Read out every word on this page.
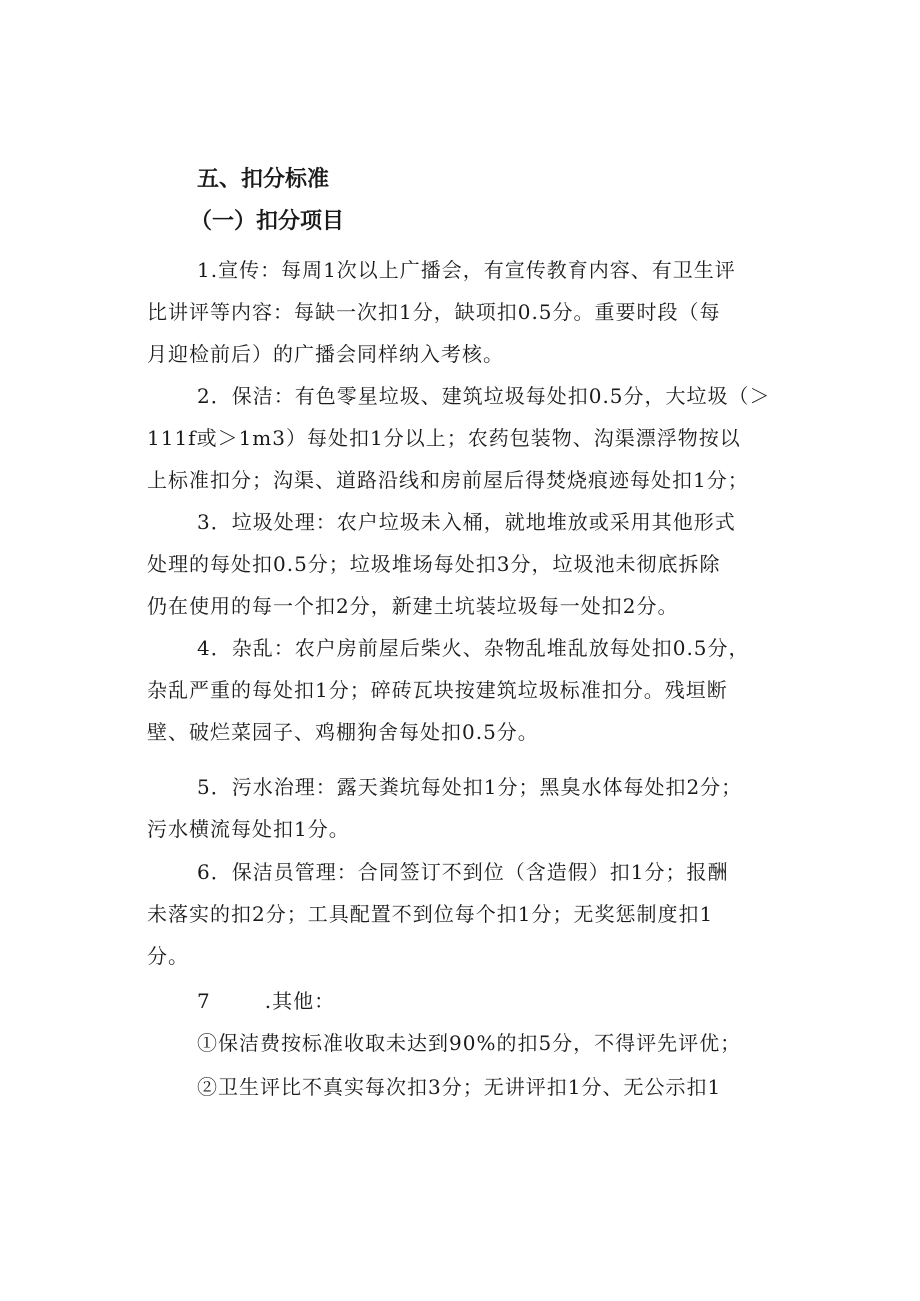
五、扣分标准
（一）扣分项目
1.宣传：每周1次以上广播会，有宣传教育内容、有卫生评
比讲评等内容：每缺一次扣1分，缺项扣0.5分。重要时段（每
月迎检前后）的广播会同样纳入考核。
2．保洁：有色零星垃圾、建筑垃圾每处扣0.5分，大垃圾（＞
111f或＞1m3）每处扣1分以上；农药包装物、沟渠漂浮物按以
上标准扣分；沟渠、道路沿线和房前屋后得焚烧痕迹每处扣1分；
3．垃圾处理：农户垃圾未入桶，就地堆放或采用其他形式
处理的每处扣0.5分；垃圾堆场每处扣3分，垃圾池未彻底拆除
仍在使用的每一个扣2分，新建土坑装垃圾每一处扣2分。
4．杂乱：农户房前屋后柴火、杂物乱堆乱放每处扣0.5分，
杂乱严重的每处扣1分；碎砖瓦块按建筑垃圾标准扣分。残垣断
壁、破烂菜园子、鸡棚狗舍每处扣0.5分。
5．污水治理：露天粪坑每处扣1分；黑臭水体每处扣2分；
污水横流每处扣1分。
6．保洁员管理：合同签订不到位（含造假）扣1分；报酬
未落实的扣2分；工具配置不到位每个扣1分；无奖惩制度扣1
分。
7	.其他：
①保洁费按标准收取未达到90%的扣5分，不得评先评优；
②卫生评比不真实每次扣3分；无讲评扣1分、无公示扣1
